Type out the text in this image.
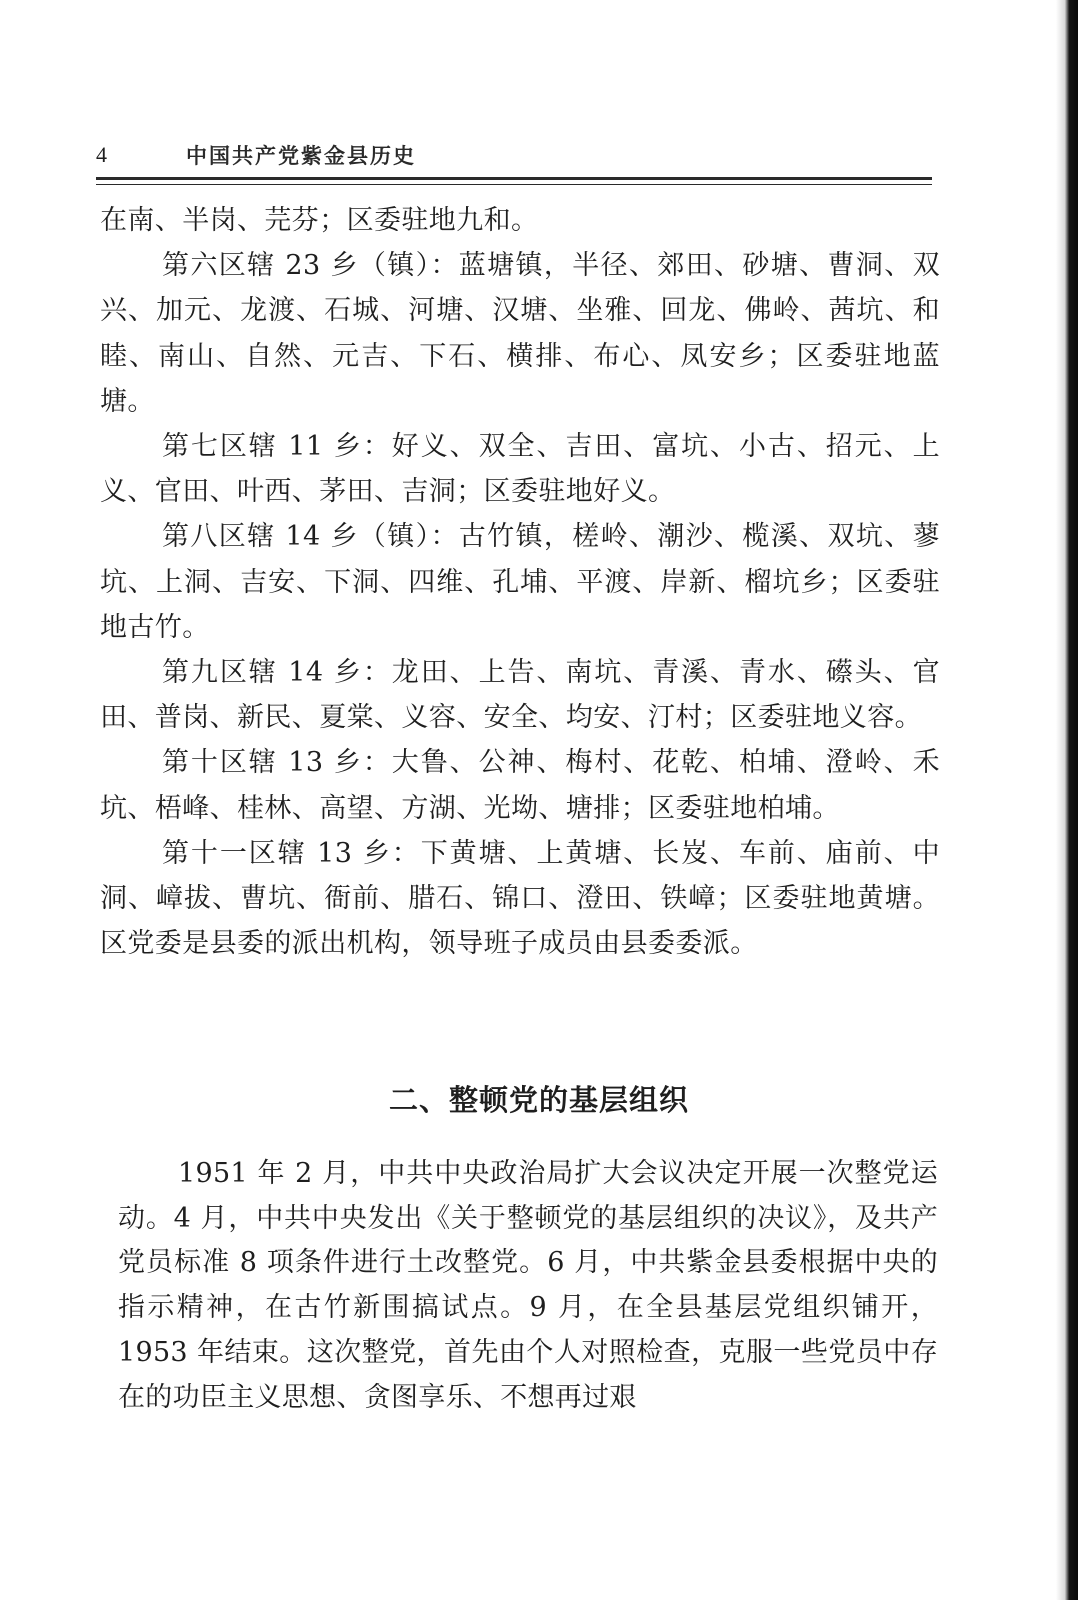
4	中国共产党紫金县历史

在南、半岗、芫芬；区委驻地九和。

第六区辖 23 乡（镇）：蓝塘镇，半径、郊田、砂塘、曹洞、双兴、加元、龙渡、石城、河塘、汉塘、坐雅、回龙、佛岭、茜坑、和睦、南山、自然、元吉、下石、横排、布心、凤安乡；区委驻地蓝塘。

第七区辖 11 乡：好义、双全、吉田、富坑、小古、招元、上义、官田、叶西、茅田、吉洞；区委驻地好义。

第八区辖 14 乡（镇）：古竹镇，槎岭、潮沙、榄溪、双坑、蓼坑、上洞、吉安、下洞、四维、孔埔、平渡、岸新、榴坑乡；区委驻地古竹。

第九区辖 14 乡：龙田、上告、南坑、青溪、青水、礤头、官田、普岗、新民、夏棠、义容、安全、均安、汀村；区委驻地义容。

第十区辖 13 乡：大鲁、公神、梅村、花乾、柏埔、澄岭、禾坑、梧峰、桂林、高望、方湖、光坳、塘排；区委驻地柏埔。

第十一区辖 13 乡：下黄塘、上黄塘、长岌、车前、庙前、中洞、嶂拔、曹坑、衙前、腊石、锦口、澄田、铁嶂；区委驻地黄塘。区党委是县委的派出机构，领导班子成员由县委委派。

二、整顿党的基层组织

1951 年 2 月，中共中央政治局扩大会议决定开展一次整党运动。4 月，中共中央发出《关于整顿党的基层组织的决议》，及共产党员标准 8 项条件进行土改整党。6 月，中共紫金县委根据中央的指示精神，在古竹新围搞试点。9 月，在全县基层党组织铺开，1953 年结束。这次整党，首先由个人对照检查，克服一些党员中存在的功臣主义思想、贪图享乐、不想再过艰
